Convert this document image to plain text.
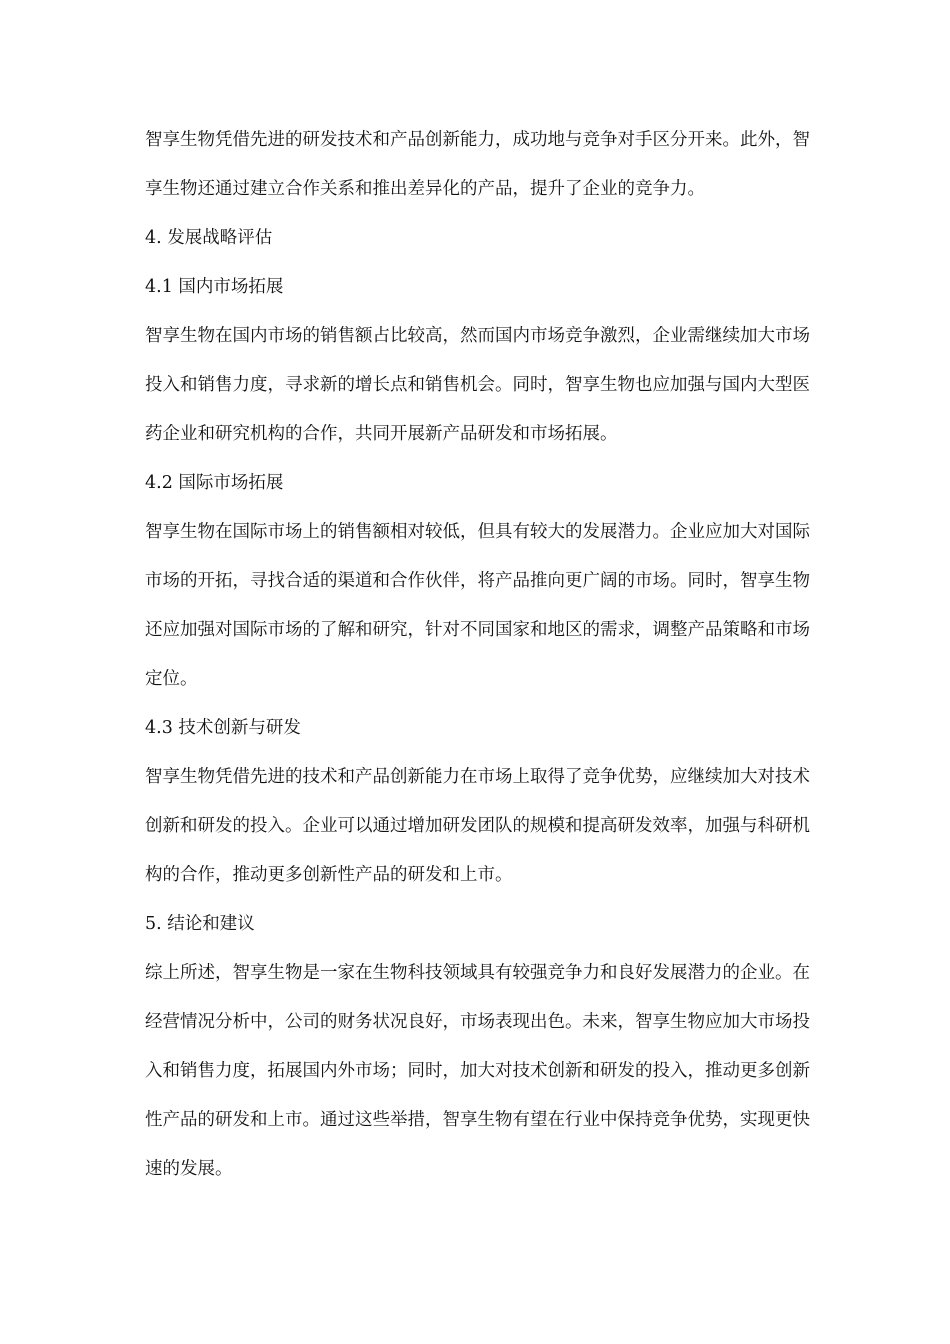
智享生物凭借先进的研发技术和产品创新能力，成功地与竞争对手区分开来。此外，智享生物还通过建立合作关系和推出差异化的产品，提升了企业的竞争力。

4. 发展战略评估

4.1 国内市场拓展

智享生物在国内市场的销售额占比较高，然而国内市场竞争激烈，企业需继续加大市场投入和销售力度，寻求新的增长点和销售机会。同时，智享生物也应加强与国内大型医药企业和研究机构的合作，共同开展新产品研发和市场拓展。

4.2 国际市场拓展

智享生物在国际市场上的销售额相对较低，但具有较大的发展潜力。企业应加大对国际市场的开拓，寻找合适的渠道和合作伙伴，将产品推向更广阔的市场。同时，智享生物还应加强对国际市场的了解和研究，针对不同国家和地区的需求，调整产品策略和市场定位。

4.3 技术创新与研发

智享生物凭借先进的技术和产品创新能力在市场上取得了竞争优势，应继续加大对技术创新和研发的投入。企业可以通过增加研发团队的规模和提高研发效率，加强与科研机构的合作，推动更多创新性产品的研发和上市。

5. 结论和建议

综上所述，智享生物是一家在生物科技领域具有较强竞争力和良好发展潜力的企业。在经营情况分析中，公司的财务状况良好，市场表现出色。未来，智享生物应加大市场投入和销售力度，拓展国内外市场；同时，加大对技术创新和研发的投入，推动更多创新性产品的研发和上市。通过这些举措，智享生物有望在行业中保持竞争优势，实现更快速的发展。
